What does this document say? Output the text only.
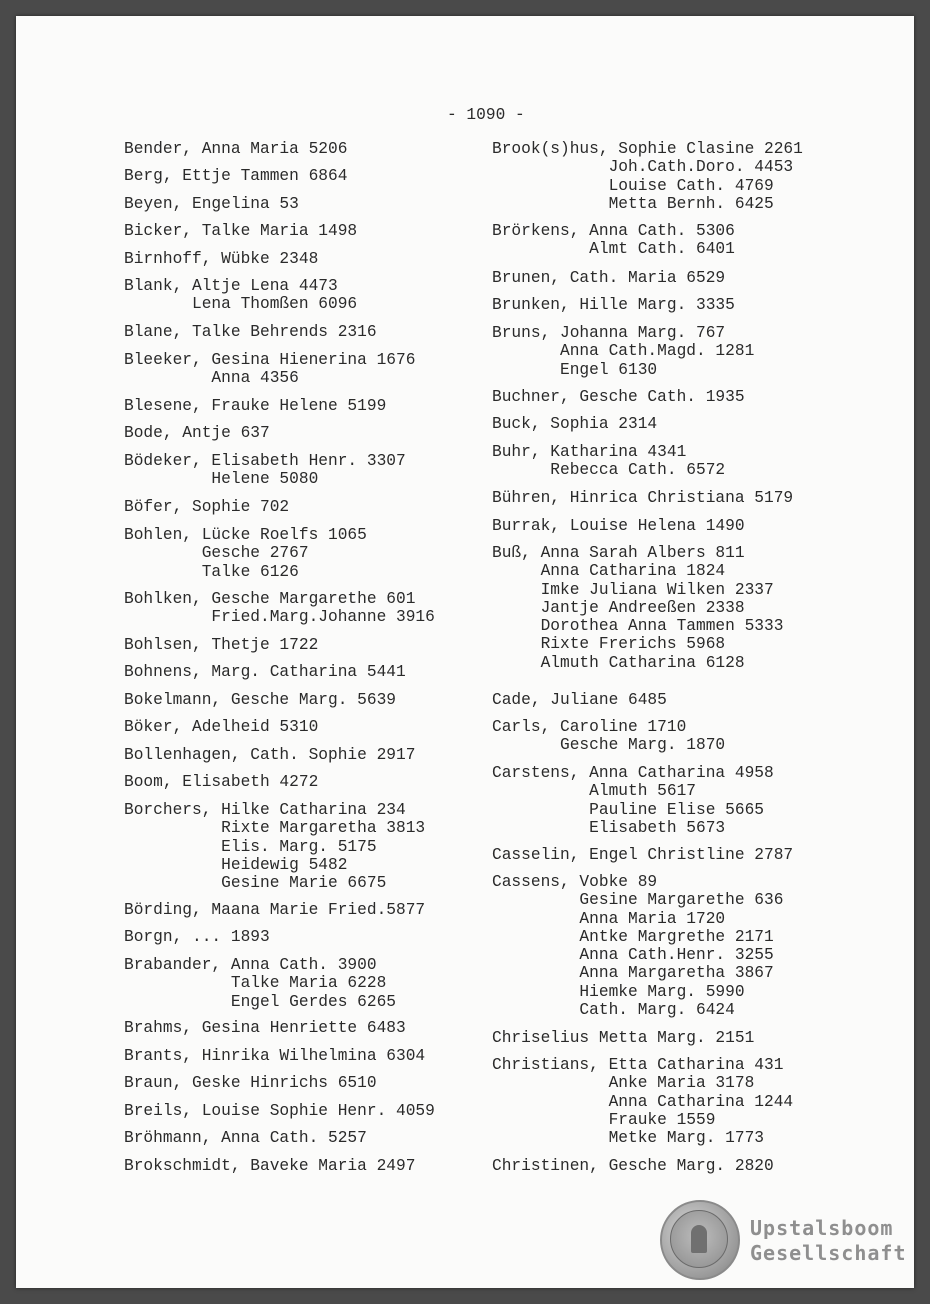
- 1090 -
Bender, Anna Maria 5206
Berg, Ettje Tammen 6864
Beyen, Engelina 53
Bicker, Talke Maria 1498
Birnhoff, Wübke 2348
Blank, Altje Lena 4473
Lena Thomßen 6096
Blane, Talke Behrends 2316
Bleeker, Gesina Hienerina 1676
Anna 4356
Blesene, Frauke Helene 5199
Bode, Antje 637
Bödeker, Elisabeth Henr. 3307
Helene 5080
Böfer, Sophie 702
Bohlen, Lücke Roelfs 1065
Gesche 2767
Talke 6126
Bohlken, Gesche Margarethe 601
Fried.Marg.Johanne 3916
Bohlsen, Thetje 1722
Bohnens, Marg. Catharina 5441
Bokelmann, Gesche Marg. 5639
Böker, Adelheid 5310
Bollenhagen, Cath. Sophie 2917
Boom, Elisabeth 4272
Borchers, Hilke Catharina 234
Rixte Margaretha 3813
Elis. Marg. 5175
Heidewig 5482
Gesine Marie 6675
Börding, Maana Marie Fried.5877
Borgn, ... 1893
Brabander, Anna Cath. 3900
Talke Maria 6228
Engel Gerdes 6265
Brahms, Gesina Henriette 6483
Brants, Hinrika Wilhelmina 6304
Braun, Geske Hinrichs 6510
Breils, Louise Sophie Henr. 4059
Bröhmann, Anna Cath. 5257
Brokschmidt, Baveke Maria 2497
Brook(s)hus, Sophie Clasine 2261
Joh.Cath.Doro. 4453
Louise Cath. 4769
Metta Bernh. 6425
Brörkens, Anna Cath. 5306
Almt Cath. 6401
Brunen, Cath. Maria 6529
Brunken, Hille Marg. 3335
Bruns, Johanna Marg. 767
Anna Cath.Magd. 1281
Engel 6130
Buchner, Gesche Cath. 1935
Buck, Sophia 2314
Buhr, Katharina 4341
Rebecca Cath. 6572
Bühren, Hinrica Christiana 5179
Burrak, Louise Helena 1490
Buß, Anna Sarah Albers 811
Anna Catharina 1824
Imke Juliana Wilken 2337
Jantje Andreeßen 2338
Dorothea Anna Tammen 5333
Rixte Frerichs 5968
Almuth Catharina 6128
Cade, Juliane 6485
Carls, Caroline 1710
Gesche Marg. 1870
Carstens, Anna Catharina 4958
Almuth 5617
Pauline Elise 5665
Elisabeth 5673
Casselin, Engel Christline 2787
Cassens, Vobke 89
Gesine Margarethe 636
Anna Maria 1720
Antke Margrethe 2171
Anna Cath.Henr. 3255
Anna Margaretha 3867
Hiemke Marg. 5990
Cath. Marg. 6424
Chriselius Metta Marg. 2151
Christians, Etta Catharina 431
Anke Maria 3178
Anna Catharina 1244
Frauke 1559
Metke Marg. 1773
Christinen, Gesche Marg. 2820
Upstalsboom
Gesellschaft
